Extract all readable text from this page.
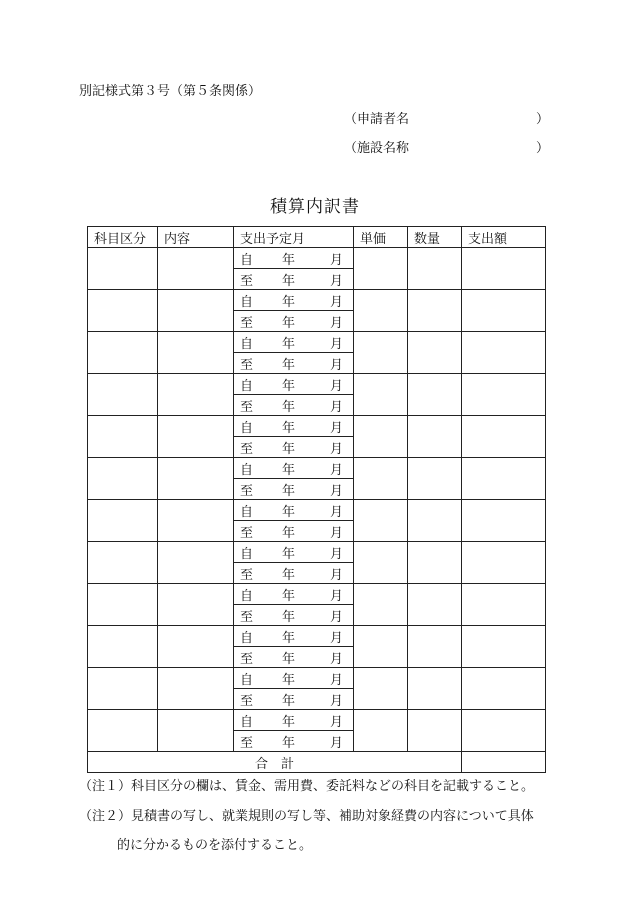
別記様式第３号（第５条関係）
（申請者名	）
（施設名称	）
積算内訳書
科目区分	内容	支出予定月	単価	数量	支出額
		自 年 月			
		至 年 月			
		自 年 月			
		至 年 月			
		自 年 月			
		至 年 月			
		自 年 月			
		至 年 月			
		自 年 月			
		至 年 月			
		自 年 月			
		至 年 月			
		自 年 月			
		至 年 月			
		自 年 月			
		至 年 月			
		自 年 月			
		至 年 月			
		自 年 月			
		至 年 月			
		自 年 月			
		至 年 月			
		自 年 月			
		至 年 月			
合　計					
（注１）科目区分の欄は、賃金、需用費、委託料などの科目を記載すること。
（注２）見積書の写し、就業規則の写し等、補助対象経費の内容について具体
的に分かるものを添付すること。
